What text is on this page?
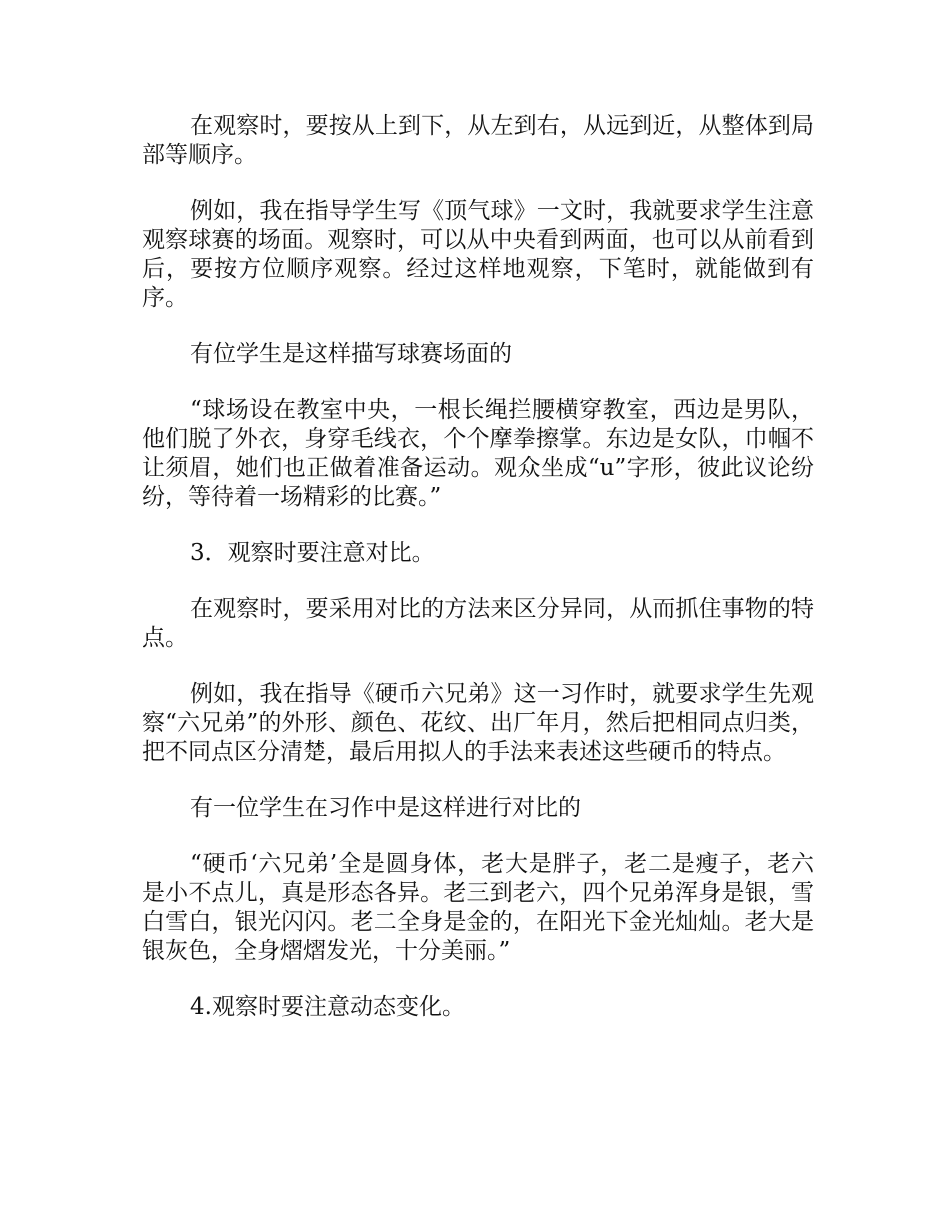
在观察时，要按从上到下，从左到右，从远到近，从整体到局部等顺序。

例如，我在指导学生写《顶气球》一文时，我就要求学生注意观察球赛的场面。观察时，可以从中央看到两面，也可以从前看到后，要按方位顺序观察。经过这样地观察，下笔时，就能做到有序。

有位学生是这样描写球赛场面的

“球场设在教室中央，一根长绳拦腰横穿教室，西边是男队，他们脱了外衣，身穿毛线衣，个个摩拳擦掌。东边是女队，巾帼不让须眉，她们也正做着准备运动。观众坐成“u”字形，彼此议论纷纷，等待着一场精彩的比赛。”

3．观察时要注意对比。

在观察时，要采用对比的方法来区分异同，从而抓住事物的特点。

例如，我在指导《硬币六兄弟》这一习作时，就要求学生先观察“六兄弟”的外形、颜色、花纹、出厂年月，然后把相同点归类，把不同点区分清楚，最后用拟人的手法来表述这些硬币的特点。

有一位学生在习作中是这样进行对比的

“硬币‘六兄弟’全是圆身体，老大是胖子，老二是瘦子，老六是小不点儿，真是形态各异。老三到老六，四个兄弟浑身是银，雪白雪白，银光闪闪。老二全身是金的，在阳光下金光灿灿。老大是银灰色，全身熠熠发光，十分美丽。”

4.观察时要注意动态变化。
